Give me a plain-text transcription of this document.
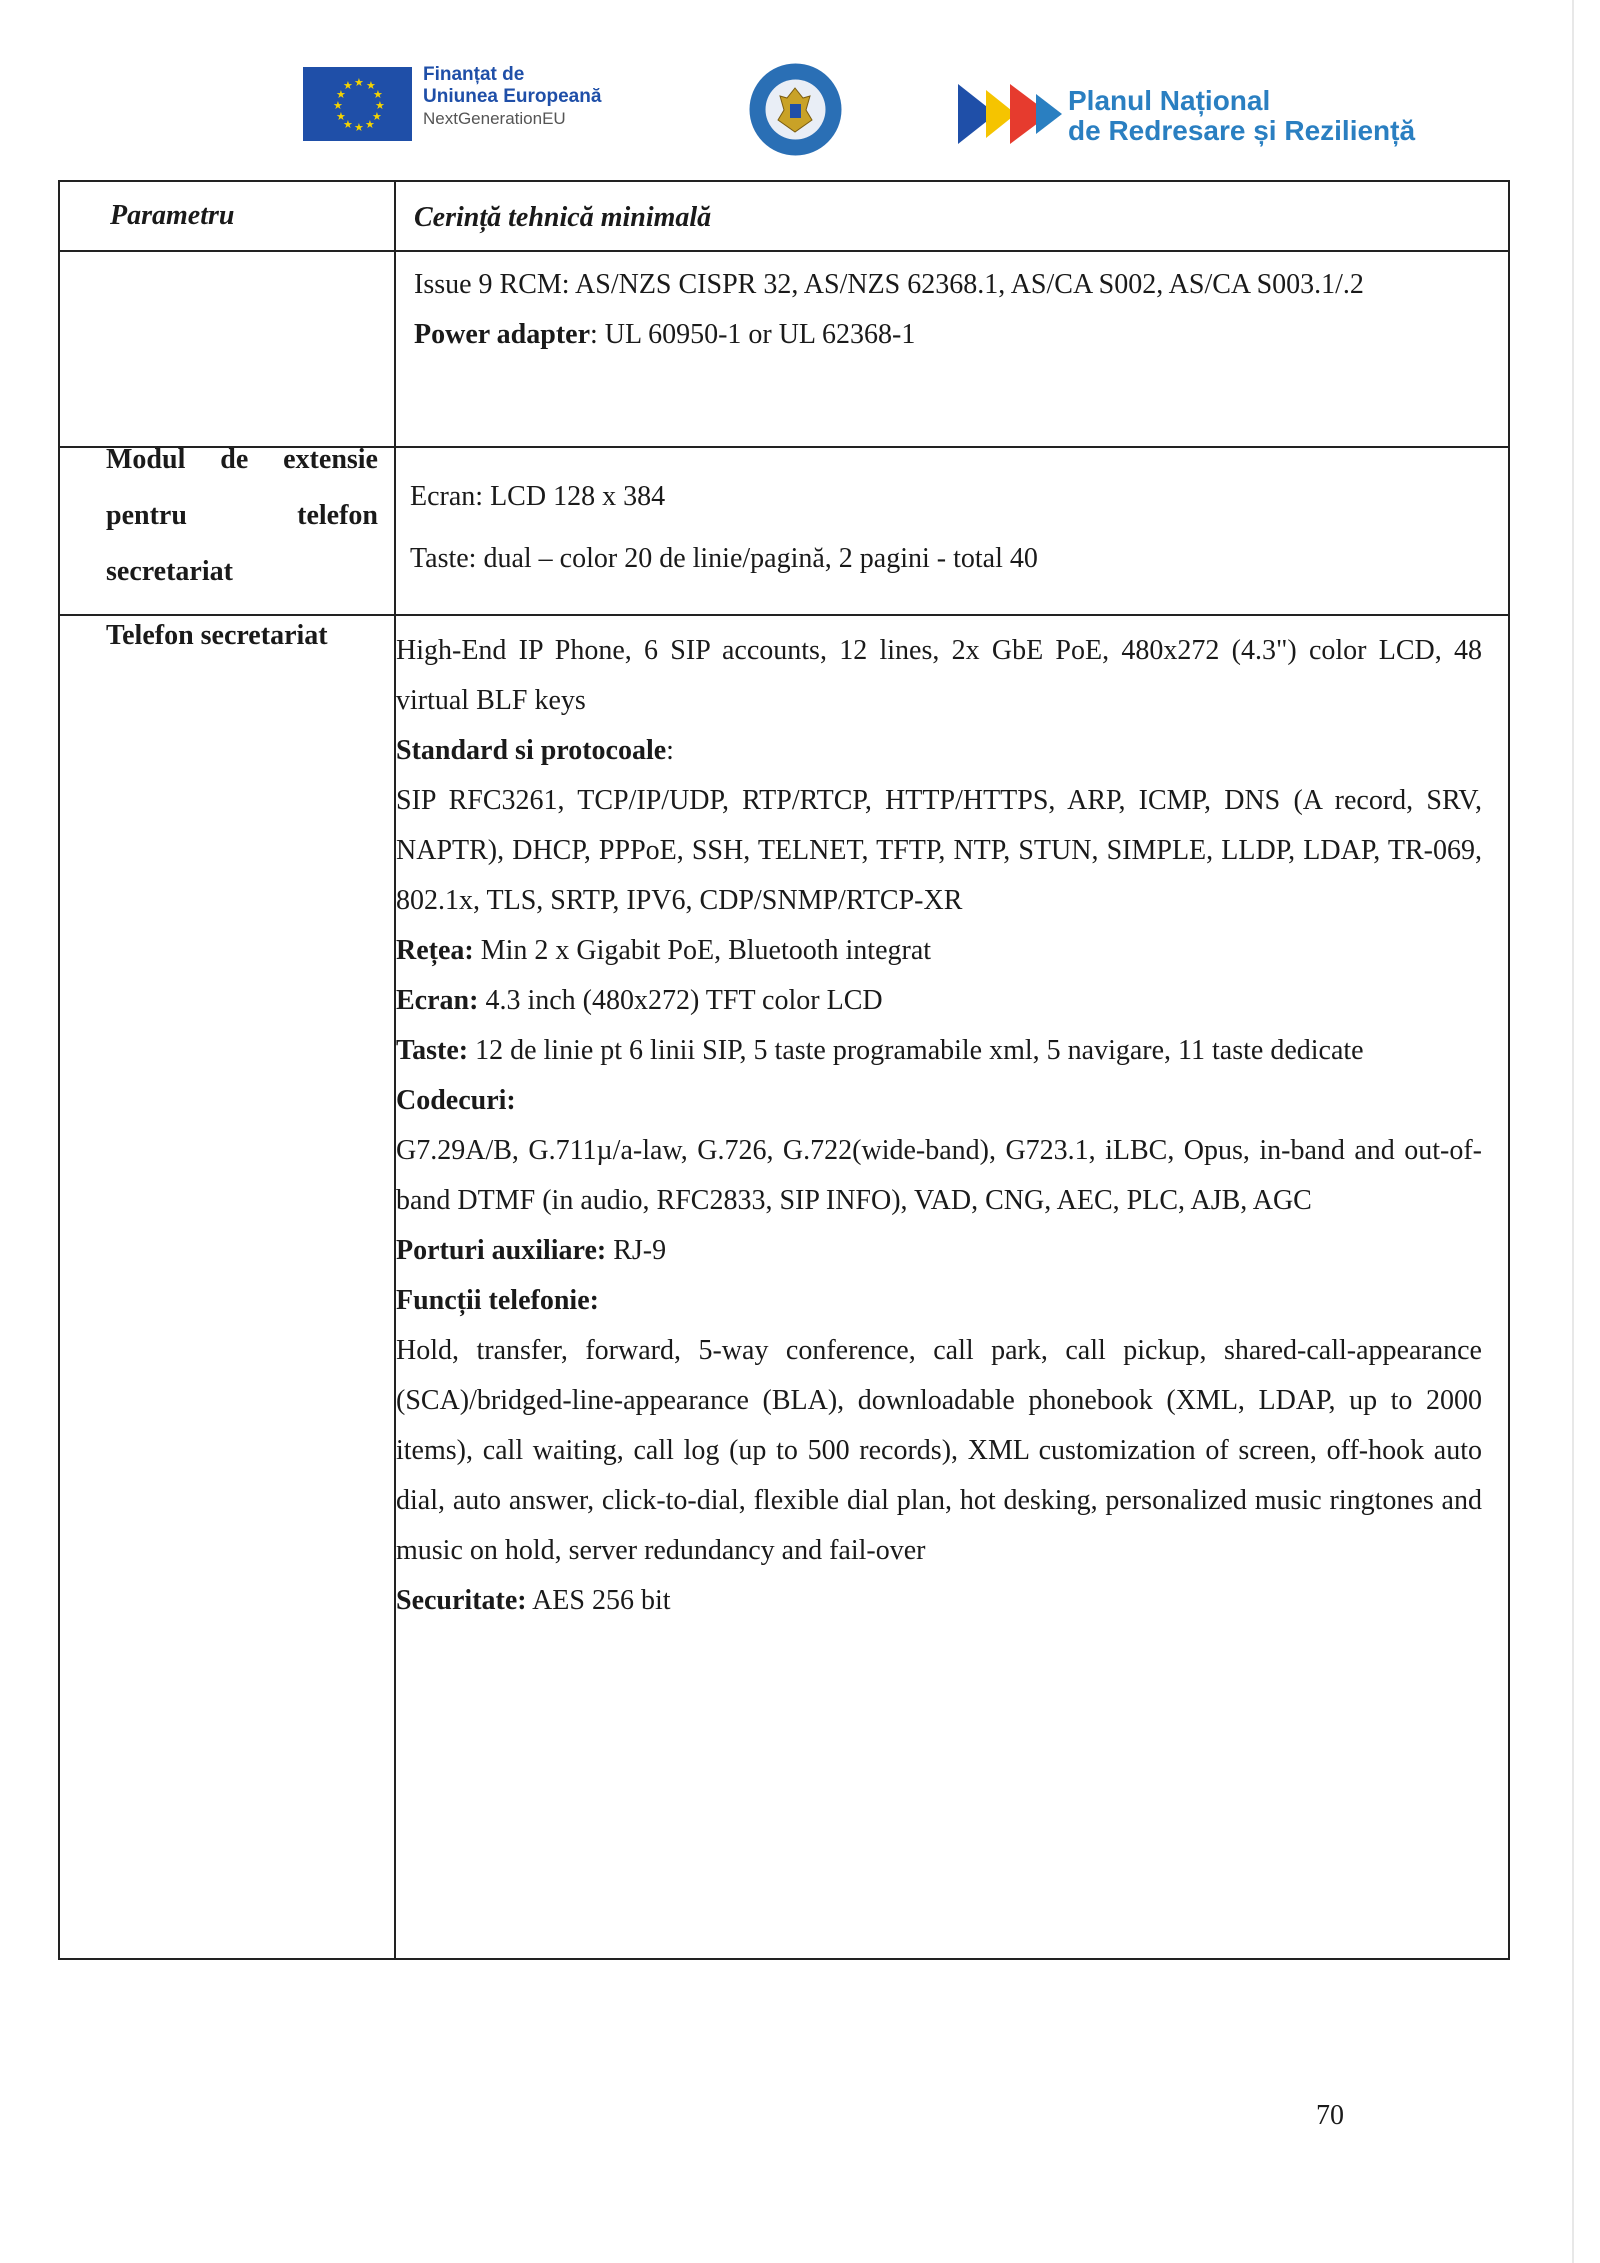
★ ★
★
★
★
★
★
★
★
★
★
★
Finanțat de
Uniunea Europeană
NextGenerationEU
Planul Național
de Redresare și Reziliență
Parametru	Cerință tehnică minimală

Issue 9 RCM: AS/NZS CISPR 32, AS/NZS 62368.1, AS/CA S002, AS/CA S003.1/.2

Power adapter: UL 60950-1 or UL 62368-1

Modul de extensie pentru telefon secretariat

Ecran: LCD 128 x 384

Taste: dual – color 20 de linie/pagină, 2 pagini - total 40

Telefon secretariat High-End IP Phone, 6 SIP accounts, 12 lines, 2x GbE PoE, 480x272 (4.3") color LCD, 48 virtual BLF keys

Standard si protocoale:

SIP RFC3261, TCP/IP/UDP, RTP/RTCP, HTTP/HTTPS, ARP, ICMP, DNS (A record, SRV, NAPTR), DHCP, PPPoE, SSH, TELNET, TFTP, NTP, STUN, SIMPLE, LLDP, LDAP, TR-069, 802.1x, TLS, SRTP, IPV6, CDP/SNMP/RTCP-XR

Rețea: Min 2 x Gigabit PoE, Bluetooth integrat

Ecran: 4.3 inch (480x272) TFT color LCD

Taste: 12 de linie pt 6 linii SIP, 5 taste programabile xml, 5 navigare, 11 taste dedicate

Codecuri:

G7.29A/B, G.711µ/a-law, G.726, G.722(wide-band), G723.1, iLBC, Opus, in-band and out-of-band DTMF (in audio, RFC2833, SIP INFO), VAD, CNG, AEC, PLC, AJB, AGC

Porturi auxiliare: RJ-9

Funcții telefonie:

Hold, transfer, forward, 5-way conference, call park, call pickup, shared-call-appearance (SCA)/bridged-line-appearance (BLA), downloadable phonebook (XML, LDAP, up to 2000 items), call waiting, call log (up to 500 records), XML customization of screen, off-hook auto dial, auto answer, click-to-dial, flexible dial plan, hot desking, personalized music ringtones and music on hold, server redundancy and fail-over

Securitate: AES 256 bit

70
